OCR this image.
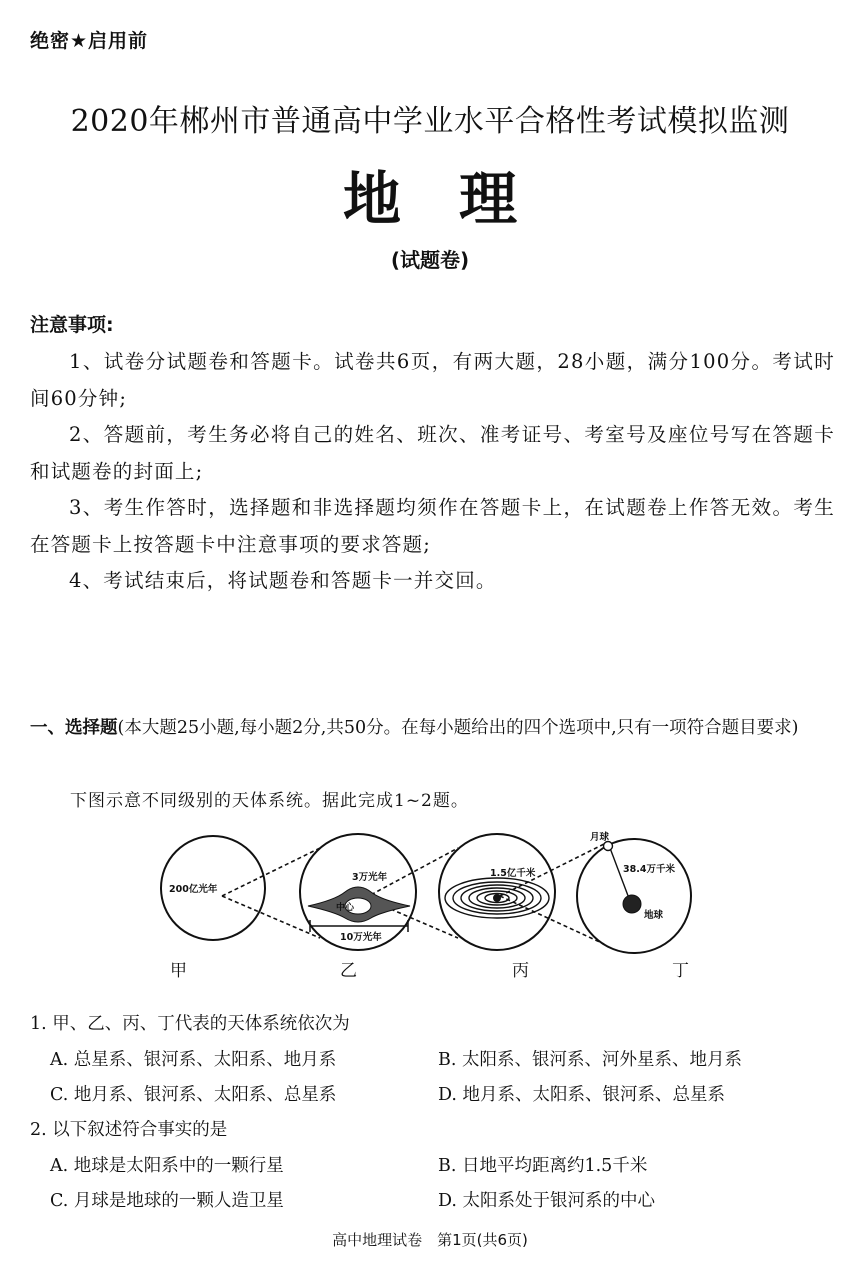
绝密★启用前
2020年郴州市普通高中学业水平合格性考试模拟监测
地　理
(试题卷)
注意事项:

1、试卷分试题卷和答题卡。试卷共6页，有两大题，28小题，满分100分。考试时间60分钟;

2、答题前，考生务必将自己的姓名、班次、准考证号、考室号及座位号写在答题卡和试题卷的封面上;

3、考生作答时，选择题和非选择题均须作在答题卡上，在试题卷上作答无效。考生在答题卡上按答题卡中注意事项的要求答题;

4、考试结束后，将试题卷和答题卡一并交回。

一、选择题(本大题25小题,每小题2分,共50分。在每小题给出的四个选项中,只有一项符合题目要求)
下图示意不同级别的天体系统。据此完成1~2题。
200亿光年
3万光年
中心
10万光年
1.5亿千米
月球
38.4万千米
地球
甲	乙	丙	丁
1. 甲、乙、丙、丁代表的天体系统依次为
A. 总星系、银河系、太阳系、地月系	B. 太阳系、银河系、河外星系、地月系
C. 地月系、银河系、太阳系、总星系	D. 地月系、太阳系、银河系、总星系
2. 以下叙述符合事实的是
A. 地球是太阳系中的一颗行星	B. 日地平均距离约1.5千米
C. 月球是地球的一颗人造卫星	D. 太阳系处于银河系的中心
高中地理试卷　第1页(共6页)
